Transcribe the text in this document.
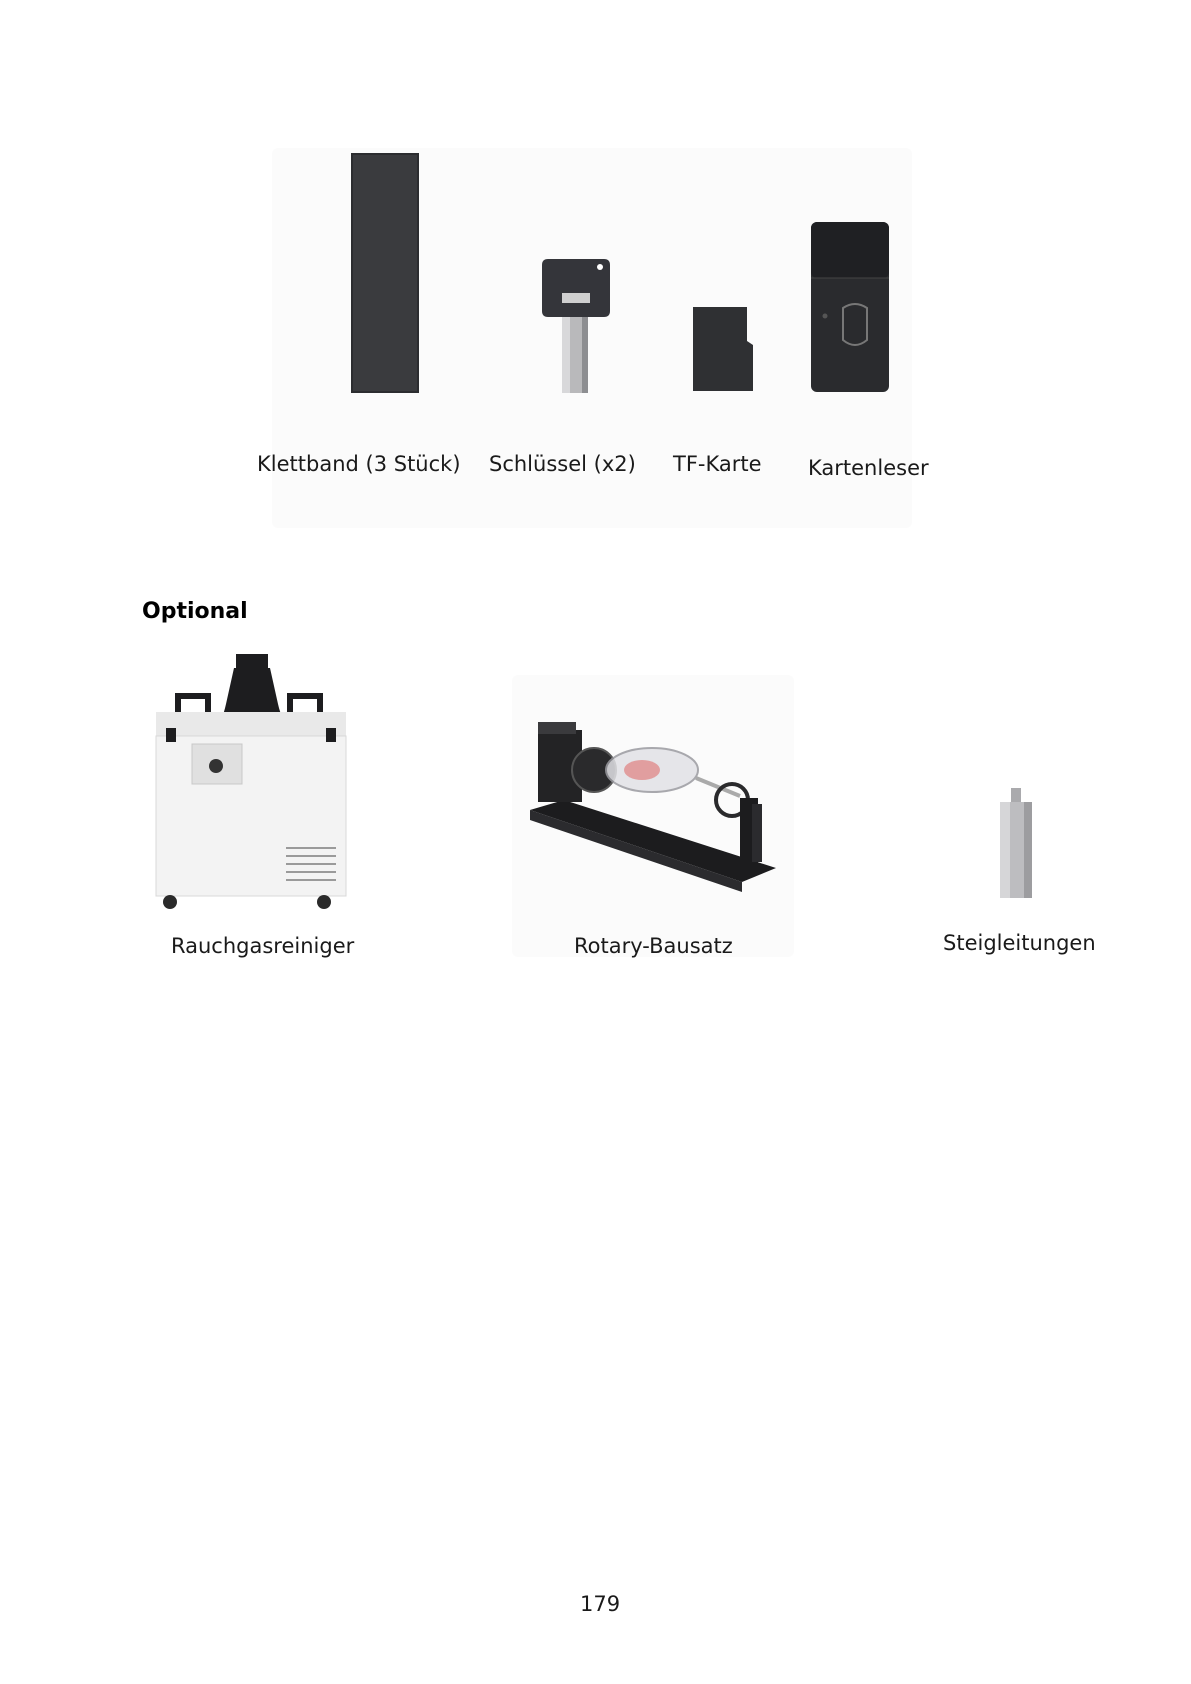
Klettband (3 Stück) Schlüssel (x2) TF-Karte Kartenleser
Optional
Rauchgasreiniger	Rotary-Bausatz	Steigleitungen
179
